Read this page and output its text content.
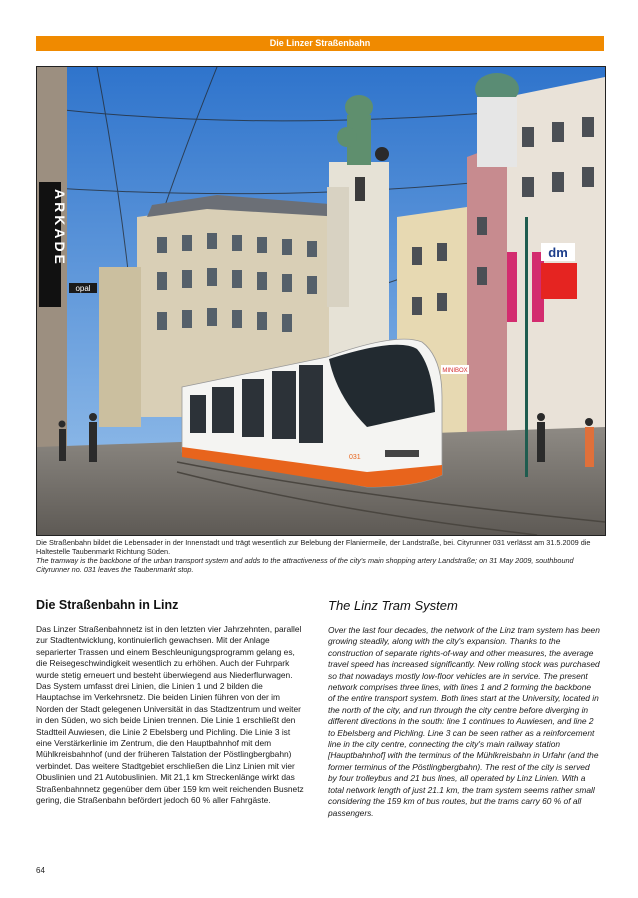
Die Linzer Straßenbahn
dm
ARKADE
opal
MINIBOX
031
Die Straßenbahn bildet die Lebensader in der Innenstadt und trägt wesentlich zur Belebung der Flaniermeile, der Landstraße, bei. Cityrunner 031 verlässt am 31.5.2009 die Haltestelle Taubenmarkt Richtung Süden.
The tramway is the backbone of the urban transport system and adds to the attractiveness of the city's main shopping artery Landstraße; on 31 May 2009, southbound Cityrunner no. 031 leaves the Taubenmarkt stop.
Die Straßenbahn in Linz

Das Linzer Straßenbahnnetz ist in den letzten vier Jahrzehnten, parallel zur Stadtentwicklung, kontinuierlich gewachsen. Mit der Anlage separierter Trassen und einem Beschleunigungsprogramm gelang es, die Reisegeschwindigkeit wesentlich zu erhöhen. Auch der Fuhrpark wurde stetig erneuert und besteht überwiegend aus Niederflurwagen. Das System umfasst drei Linien, die Linien 1 und 2 bilden die Hauptachse im Verkehrsnetz. Die beiden Linien führen von der im Norden der Stadt gelegenen Universität in das Stadtzentrum und weiter in den Süden, wo sich beide Linien trennen. Die Linie 1 erschließt den Stadtteil Auwiesen, die Linie 2 Ebelsberg und Pichling. Die Linie 3 ist eine Verstärkerlinie im Zentrum, die den Hauptbahnhof mit dem Mühlkreisbahnhof (und der früheren Talstation der Pöstlingbergbahn) verbindet. Das weitere Stadtgebiet erschließen die Linz Linien mit vier Obuslinien und 21 Autobuslinien. Mit 21,1 km Streckenlänge wirkt das Straßenbahnnetz gegenüber dem über 159 km weit reichenden Busnetz gering, die Straßenbahn befördert jedoch 60 % aller Fahrgäste.

The Linz Tram System

Over the last four decades, the network of the Linz tram system has been growing steadily, along with the city's expansion. Thanks to the construction of separate rights-of-way and other measures, the average travel speed has increased significantly. New rolling stock was purchased so that nowadays mostly low-floor vehicles are in service. The present network comprises three lines, with lines 1 and 2 forming the backbone of the entire transport system. Both lines start at the University, located in the north of the city, and run through the city centre before diverging in different directions in the south: line 1 continues to Auwiesen, and line 2 to Ebelsberg and Pichling. Line 3 can be seen rather as a reinforcement line in the city centre, connecting the city's main railway station [Hauptbahnhof] with the terminus of the Mühlkreisbahn in Urfahr (and the former terminus of the Pöstlingbergbahn). The rest of the city is served by four trolleybus and 21 bus lines, all operated by Linz Linien. With a total network length of just 21.1 km, the tram system seems rather small considering the 159 km of bus routes, but the trams carry 60 % of all passengers.

64
